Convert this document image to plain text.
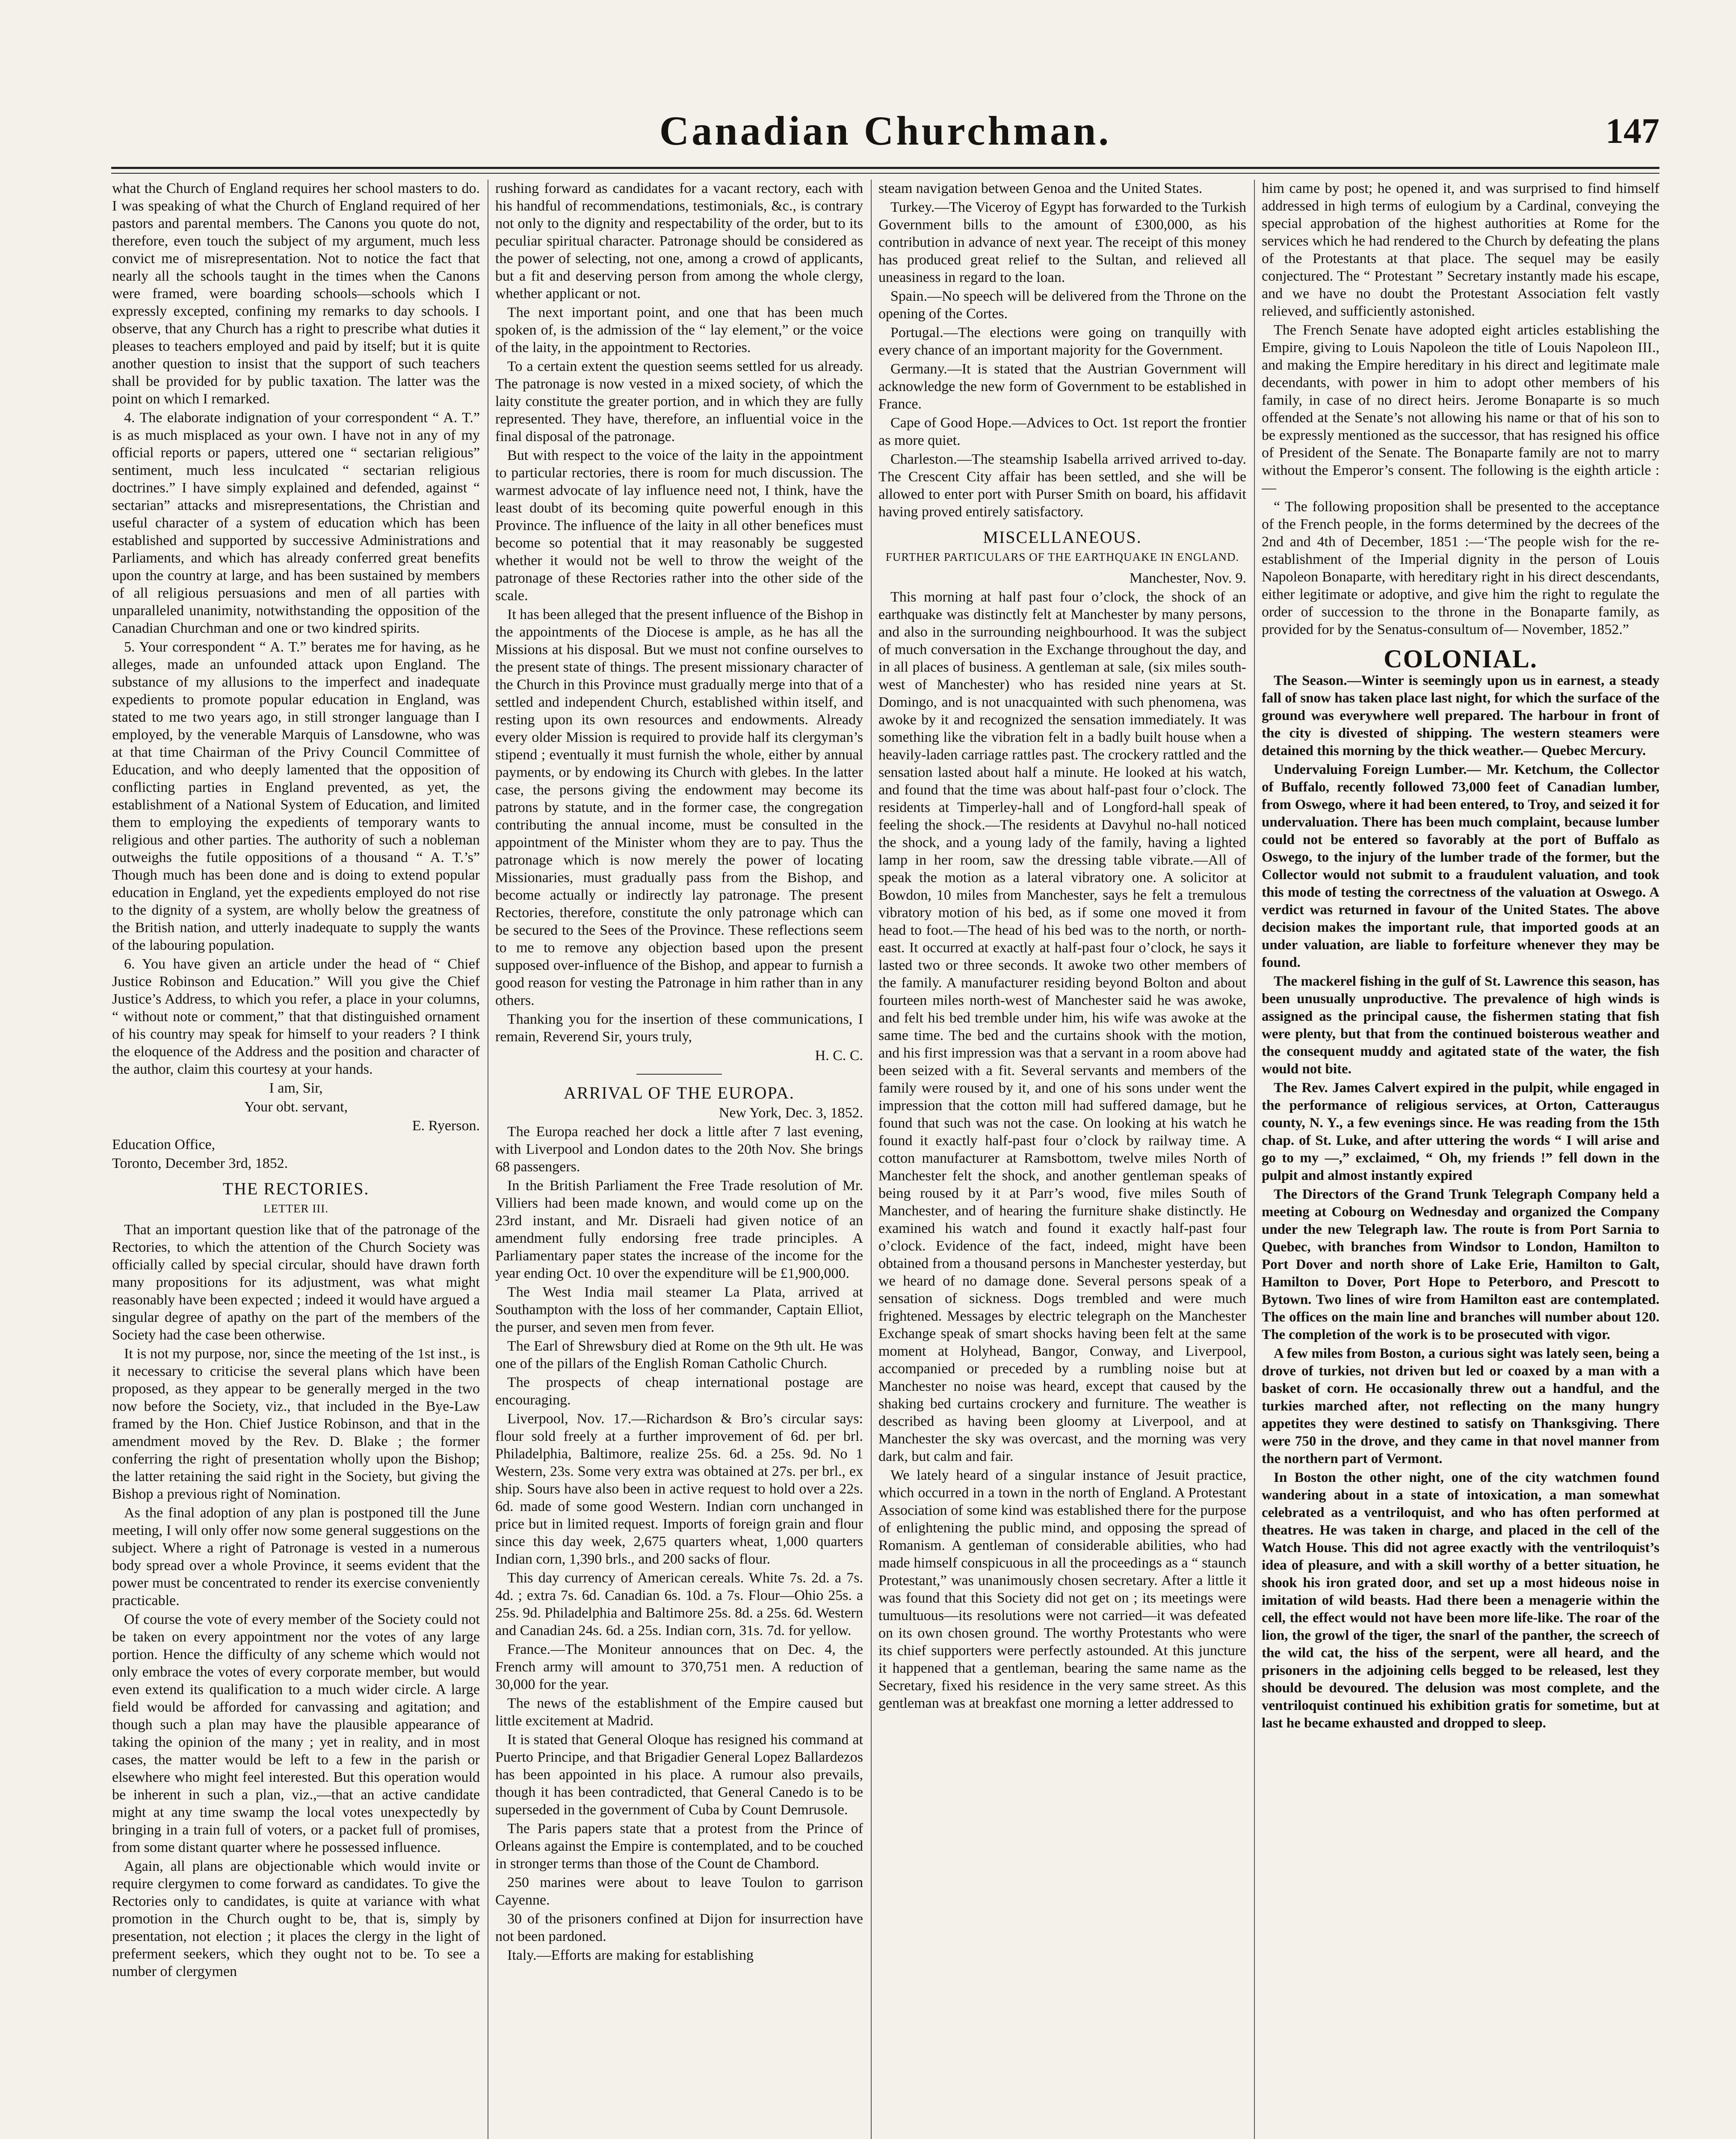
Canadian Churchman.	147

what the Church of England requires her school masters to do. I was speaking of what the Church of England required of her pastors and parental members. The Canons you quote do not, therefore, even touch the subject of my argument, much less convict me of misrepresentation. Not to notice the fact that nearly all the schools taught in the times when the Canons were framed, were boarding schools—schools which I expressly excepted, confining my remarks to day schools. I observe, that any Church has a right to prescribe what duties it pleases to teachers employed and paid by itself; but it is quite another question to insist that the support of such teachers shall be provided for by public taxation. The latter was the point on which I remarked.

4. The elaborate indignation of your correspondent “ A. T.” is as much misplaced as your own. I have not in any of my official reports or papers, uttered one “ sectarian religious” sentiment, much less inculcated “ sectarian religious doctrines.” I have simply explained and defended, against “ sectarian” attacks and misrepresentations, the Christian and useful character of a system of education which has been established and supported by successive Administrations and Parliaments, and which has already conferred great benefits upon the country at large, and has been sustained by members of all religious persuasions and men of all parties with unparalleled unanimity, notwithstanding the opposition of the Canadian Churchman and one or two kindred spirits.

5. Your correspondent “ A. T.” berates me for having, as he alleges, made an unfounded attack upon England. The substance of my allusions to the imperfect and inadequate expedients to promote popular education in England, was stated to me two years ago, in still stronger language than I employed, by the venerable Marquis of Lansdowne, who was at that time Chairman of the Privy Council Committee of Education, and who deeply lamented that the opposition of conflicting parties in England prevented, as yet, the establishment of a National System of Education, and limited them to employing the expedients of temporary wants to religious and other parties. The authority of such a nobleman outweighs the futile oppositions of a thousand “ A. T.’s” Though much has been done and is doing to extend popular education in England, yet the expedients employed do not rise to the dignity of a system, are wholly below the greatness of the British nation, and utterly inadequate to supply the wants of the labouring population.

6. You have given an article under the head of “ Chief Justice Robinson and Education.” Will you give the Chief Justice’s Address, to which you refer, a place in your columns, “ without note or comment,” that that distinguished ornament of his country may speak for himself to your readers ? I think the eloquence of the Address and the position and character of the author, claim this courtesy at your hands.

I am, Sir,

Your obt. servant,

E. Ryerson.

Education Office,

Toronto, December 3rd, 1852.

THE RECTORIES.
LETTER III.

That an important question like that of the patronage of the Rectories, to which the attention of the Church Society was officially called by special circular, should have drawn forth many propositions for its adjustment, was what might reasonably have been expected ; indeed it would have argued a singular degree of apathy on the part of the members of the Society had the case been otherwise.

It is not my purpose, nor, since the meeting of the 1st inst., is it necessary to criticise the several plans which have been proposed, as they appear to be generally merged in the two now before the Society, viz., that included in the Bye-Law framed by the Hon. Chief Justice Robinson, and that in the amendment moved by the Rev. D. Blake ; the former conferring the right of presentation wholly upon the Bishop; the latter retaining the said right in the Society, but giving the Bishop a previous right of Nomination.

As the final adoption of any plan is postponed till the June meeting, I will only offer now some general suggestions on the subject. Where a right of Patronage is vested in a numerous body spread over a whole Province, it seems evident that the power must be concentrated to render its exercise conveniently practicable.

Of course the vote of every member of the Society could not be taken on every appointment nor the votes of any large portion. Hence the difficulty of any scheme which would not only embrace the votes of every corporate member, but would even extend its qualification to a much wider circle. A large field would be afforded for canvassing and agitation; and though such a plan may have the plausible appearance of taking the opinion of the many ; yet in reality, and in most cases, the matter would be left to a few in the parish or elsewhere who might feel interested. But this operation would be inherent in such a plan, viz.,—that an active candidate might at any time swamp the local votes unexpectedly by bringing in a train full of voters, or a packet full of promises, from some distant quarter where he possessed influence.

Again, all plans are objectionable which would invite or require clergymen to come forward as candidates. To give the Rectories only to candidates, is quite at variance with what promotion in the Church ought to be, that is, simply by presentation, not election ; it places the clergy in the light of preferment seekers, which they ought not to be. To see a number of clergymen

rushing forward as candidates for a vacant rectory, each with his handful of recommendations, testimonials, &c., is contrary not only to the dignity and respectability of the order, but to its peculiar spiritual character. Patronage should be considered as the power of selecting, not one, among a crowd of applicants, but a fit and deserving person from among the whole clergy, whether applicant or not.

The next important point, and one that has been much spoken of, is the admission of the “ lay element,” or the voice of the laity, in the appointment to Rectories.

To a certain extent the question seems settled for us already. The patronage is now vested in a mixed society, of which the laity constitute the greater portion, and in which they are fully represented. They have, therefore, an influential voice in the final disposal of the patronage.

But with respect to the voice of the laity in the appointment to particular rectories, there is room for much discussion. The warmest advocate of lay influence need not, I think, have the least doubt of its becoming quite powerful enough in this Province. The influence of the laity in all other benefices must become so potential that it may reasonably be suggested whether it would not be well to throw the weight of the patronage of these Rectories rather into the other side of the scale.

It has been alleged that the present influence of the Bishop in the appointments of the Diocese is ample, as he has all the Missions at his disposal. But we must not confine ourselves to the present state of things. The present missionary character of the Church in this Province must gradually merge into that of a settled and independent Church, established within itself, and resting upon its own resources and endowments. Already every older Mission is required to provide half its clergyman’s stipend ; eventually it must furnish the whole, either by annual payments, or by endowing its Church with glebes. In the latter case, the persons giving the endowment may become its patrons by statute, and in the former case, the congregation contributing the annual income, must be consulted in the appointment of the Minister whom they are to pay. Thus the patronage which is now merely the power of locating Missionaries, must gradually pass from the Bishop, and become actually or indirectly lay patronage. The present Rectories, therefore, constitute the only patronage which can be secured to the Sees of the Province. These reflections seem to me to remove any objection based upon the present supposed over-influence of the Bishop, and appear to furnish a good reason for vesting the Patronage in him rather than in any others.

Thanking you for the insertion of these communications, I remain, Reverend Sir, yours truly,

H. C. C.

ARRIVAL OF THE EUROPA.

New York, Dec. 3, 1852.

The Europa reached her dock a little after 7 last evening, with Liverpool and London dates to the 20th Nov. She brings 68 passengers.

In the British Parliament the Free Trade resolution of Mr. Villiers had been made known, and would come up on the 23rd instant, and Mr. Disraeli had given notice of an amendment fully endorsing free trade principles. A Parliamentary paper states the increase of the income for the year ending Oct. 10 over the expenditure will be £1,900,000.

The West India mail steamer La Plata, arrived at Southampton with the loss of her commander, Captain Elliot, the purser, and seven men from fever.

The Earl of Shrewsbury died at Rome on the 9th ult. He was one of the pillars of the English Roman Catholic Church.

The prospects of cheap international postage are encouraging.

Liverpool, Nov. 17.—Richardson & Bro’s circular says: flour sold freely at a further improvement of 6d. per brl. Philadelphia, Baltimore, realize 25s. 6d. a 25s. 9d. No 1 Western, 23s. Some very extra was obtained at 27s. per brl., ex ship. Sours have also been in active request to hold over a 22s. 6d. made of some good Western. Indian corn unchanged in price but in limited request. Imports of foreign grain and flour since this day week, 2,675 quarters wheat, 1,000 quarters Indian corn, 1,390 brls., and 200 sacks of flour.

This day currency of American cereals. White 7s. 2d. a 7s. 4d. ; extra 7s. 6d. Canadian 6s. 10d. a 7s. Flour—Ohio 25s. a 25s. 9d. Philadelphia and Baltimore 25s. 8d. a 25s. 6d. Western and Canadian 24s. 6d. a 25s. Indian corn, 31s. 7d. for yellow.

France.—The Moniteur announces that on Dec. 4, the French army will amount to 370,751 men. A reduction of 30,000 for the year.

The news of the establishment of the Empire caused but little excitement at Madrid.

It is stated that General Oloque has resigned his command at Puerto Principe, and that Brigadier General Lopez Ballardezos has been appointed in his place. A rumour also prevails, though it has been contradicted, that General Canedo is to be superseded in the government of Cuba by Count Demrusole.

The Paris papers state that a protest from the Prince of Orleans against the Empire is contemplated, and to be couched in stronger terms than those of the Count de Chambord.

250 marines were about to leave Toulon to garrison Cayenne.

30 of the prisoners confined at Dijon for insurrection have not been pardoned.

Italy.—Efforts are making for establishing

steam navigation between Genoa and the United States.

Turkey.—The Viceroy of Egypt has forwarded to the Turkish Government bills to the amount of £300,000, as his contribution in advance of next year. The receipt of this money has produced great relief to the Sultan, and relieved all uneasiness in regard to the loan.

Spain.—No speech will be delivered from the Throne on the opening of the Cortes.

Portugal.—The elections were going on tranquilly with every chance of an important majority for the Government.

Germany.—It is stated that the Austrian Government will acknowledge the new form of Government to be established in France.

Cape of Good Hope.—Advices to Oct. 1st report the frontier as more quiet.

Charleston.—The steamship Isabella arrived arrived to-day. The Crescent City affair has been settled, and she will be allowed to enter port with Purser Smith on board, his affidavit having proved entirely satisfactory.

MISCELLANEOUS.
FURTHER PARTICULARS OF THE EARTHQUAKE IN ENGLAND.

Manchester, Nov. 9.

This morning at half past four o’clock, the shock of an earthquake was distinctly felt at Manchester by many persons, and also in the surrounding neighbourhood. It was the subject of much conversation in the Exchange throughout the day, and in all places of business. A gentleman at sale, (six miles south-west of Manchester) who has resided nine years at St. Domingo, and is not unacquainted with such phenomena, was awoke by it and recognized the sensation immediately. It was something like the vibration felt in a badly built house when a heavily-laden carriage rattles past. The crockery rattled and the sensation lasted about half a minute. He looked at his watch, and found that the time was about half-past four o’clock. The residents at Timperley-hall and of Longford-hall speak of feeling the shock.—The residents at Davyhul no-hall noticed the shock, and a young lady of the family, having a lighted lamp in her room, saw the dressing table vibrate.—All of speak the motion as a lateral vibratory one. A solicitor at Bowdon, 10 miles from Manchester, says he felt a tremulous vibratory motion of his bed, as if some one moved it from head to foot.—The head of his bed was to the north, or north-east. It occurred at exactly at half-past four o’clock, he says it lasted two or three seconds. It awoke two other members of the family. A manufacturer residing beyond Bolton and about fourteen miles north-west of Manchester said he was awoke, and felt his bed tremble under him, his wife was awoke at the same time. The bed and the curtains shook with the motion, and his first impression was that a servant in a room above had been seized with a fit. Several servants and members of the family were roused by it, and one of his sons under went the impression that the cotton mill had suffered damage, but he found that such was not the case. On looking at his watch he found it exactly half-past four o’clock by railway time. A cotton manufacturer at Ramsbottom, twelve miles North of Manchester felt the shock, and another gentleman speaks of being roused by it at Parr’s wood, five miles South of Manchester, and of hearing the furniture shake distinctly. He examined his watch and found it exactly half-past four o’clock. Evidence of the fact, indeed, might have been obtained from a thousand persons in Manchester yesterday, but we heard of no damage done. Several persons speak of a sensation of sickness. Dogs trembled and were much frightened. Messages by electric telegraph on the Manchester Exchange speak of smart shocks having been felt at the same moment at Holyhead, Bangor, Conway, and Liverpool, accompanied or preceded by a rumbling noise but at Manchester no noise was heard, except that caused by the shaking bed curtains crockery and furniture. The weather is described as having been gloomy at Liverpool, and at Manchester the sky was overcast, and the morning was very dark, but calm and fair.

We lately heard of a singular instance of Jesuit practice, which occurred in a town in the north of England. A Protestant Association of some kind was established there for the purpose of enlightening the public mind, and opposing the spread of Romanism. A gentleman of considerable abilities, who had made himself conspicuous in all the proceedings as a “ staunch Protestant,” was unanimously chosen secretary. After a little it was found that this Society did not get on ; its meetings were tumultuous—its resolutions were not carried—it was defeated on its own chosen ground. The worthy Protestants who were its chief supporters were perfectly astounded. At this juncture it happened that a gentleman, bearing the same name as the Secretary, fixed his residence in the very same street. As this gentleman was at breakfast one morning a letter addressed to

him came by post; he opened it, and was surprised to find himself addressed in high terms of eulogium by a Cardinal, conveying the special approbation of the highest authorities at Rome for the services which he had rendered to the Church by defeating the plans of the Protestants at that place. The sequel may be easily conjectured. The “ Protestant ” Secretary instantly made his escape, and we have no doubt the Protestant Association felt vastly relieved, and sufficiently astonished.

The French Senate have adopted eight articles establishing the Empire, giving to Louis Napoleon the title of Louis Napoleon III., and making the Empire hereditary in his direct and legitimate male decendants, with power in him to adopt other members of his family, in case of no direct heirs. Jerome Bonaparte is so much offended at the Senate’s not allowing his name or that of his son to be expressly mentioned as the successor, that has resigned his office of President of the Senate. The Bonaparte family are not to marry without the Emperor’s consent. The following is the eighth article :—

“ The following proposition shall be presented to the acceptance of the French people, in the forms determined by the decrees of the 2nd and 4th of December, 1851 :—‘The people wish for the re-establishment of the Imperial dignity in the person of Louis Napoleon Bonaparte, with hereditary right in his direct descendants, either legitimate or adoptive, and give him the right to regulate the order of succession to the throne in the Bonaparte family, as provided for by the Senatus-consultum of— November, 1852.”

COLONIAL.

The Season.—Winter is seemingly upon us in earnest, a steady fall of snow has taken place last night, for which the surface of the ground was everywhere well prepared. The harbour in front of the city is divested of shipping. The western steamers were detained this morning by the thick weather.— Quebec Mercury.

Undervaluing Foreign Lumber.— Mr. Ketchum, the Collector of Buffalo, recently followed 73,000 feet of Canadian lumber, from Oswego, where it had been entered, to Troy, and seized it for undervaluation. There has been much complaint, because lumber could not be entered so favorably at the port of Buffalo as Oswego, to the injury of the lumber trade of the former, but the Collector would not submit to a fraudulent valuation, and took this mode of testing the correctness of the valuation at Oswego. A verdict was returned in favour of the United States. The above decision makes the important rule, that imported goods at an under valuation, are liable to forfeiture whenever they may be found.

The mackerel fishing in the gulf of St. Lawrence this season, has been unusually unproductive. The prevalence of high winds is assigned as the principal cause, the fishermen stating that fish were plenty, but that from the continued boisterous weather and the consequent muddy and agitated state of the water, the fish would not bite.

The Rev. James Calvert expired in the pulpit, while engaged in the performance of religious services, at Orton, Catteraugus county, N. Y., a few evenings since. He was reading from the 15th chap. of St. Luke, and after uttering the words “ I will arise and go to my —,” exclaimed, “ Oh, my friends !” fell down in the pulpit and almost instantly expired

The Directors of the Grand Trunk Telegraph Company held a meeting at Cobourg on Wednesday and organized the Company under the new Telegraph law. The route is from Port Sarnia to Quebec, with branches from Windsor to London, Hamilton to Port Dover and north shore of Lake Erie, Hamilton to Galt, Hamilton to Dover, Port Hope to Peterboro, and Prescott to Bytown. Two lines of wire from Hamilton east are contemplated. The offices on the main line and branches will number about 120. The completion of the work is to be prosecuted with vigor.

A few miles from Boston, a curious sight was lately seen, being a drove of turkies, not driven but led or coaxed by a man with a basket of corn. He occasionally threw out a handful, and the turkies marched after, not reflecting on the many hungry appetites they were destined to satisfy on Thanksgiving. There were 750 in the drove, and they came in that novel manner from the northern part of Vermont.

In Boston the other night, one of the city watchmen found wandering about in a state of intoxication, a man somewhat celebrated as a ventriloquist, and who has often performed at theatres. He was taken in charge, and placed in the cell of the Watch House. This did not agree exactly with the ventriloquist’s idea of pleasure, and with a skill worthy of a better situation, he shook his iron grated door, and set up a most hideous noise in imitation of wild beasts. Had there been a menagerie within the cell, the effect would not have been more life-like. The roar of the lion, the growl of the tiger, the snarl of the panther, the screech of the wild cat, the hiss of the serpent, were all heard, and the prisoners in the adjoining cells begged to be released, lest they should be devoured. The delusion was most complete, and the ventriloquist continued his exhibition gratis for sometime, but at last he became exhausted and dropped to sleep.
